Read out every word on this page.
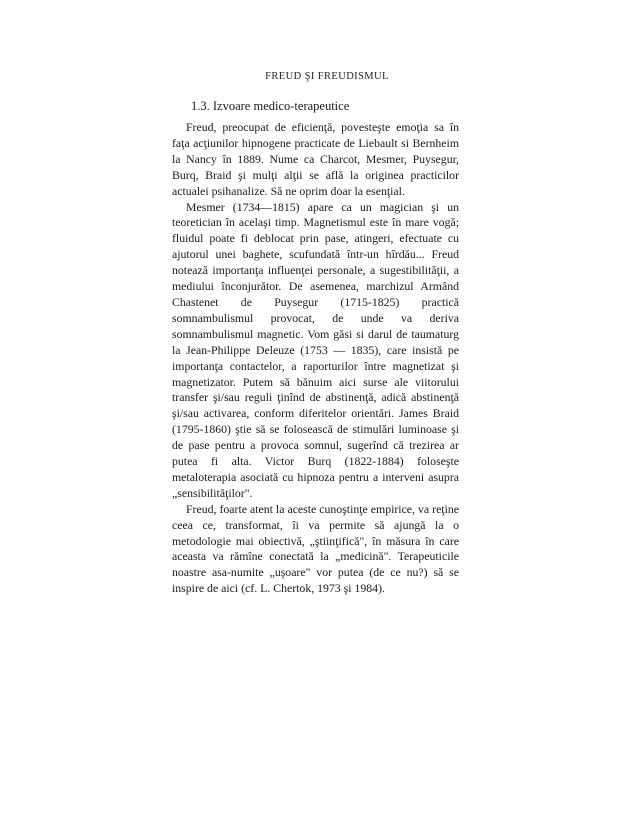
FREUD ŞI FREUDISMUL
1.3. Izvoare medico-terapeutice

Freud, preocupat de eficienţă, povesteşte emoţia sa în faţa acţiunilor hipnogene practicate de Liebault si Bernheim la Nancy în 1889. Nume ca Charcot, Mesmer, Puysegur, Burq, Braid şi mulţi alţii se află la originea practicilor actualei psihanalize. Să ne oprim doar la esenţial.

Mesmer (1734—1815) apare ca un magician şi un teoretician în acelaşi timp. Magnetismul este în mare vogă; fluidul poate fi deblocat prin pase, atingeri, efectuate cu ajutorul unei baghete, scufundată într-un hîrdău... Freud notează importanţa influenţei personale, a sugestibilităţii, a mediului înconjurător. De asemenea, marchizul Armând Chastenet de Puysegur (1715-1825) practică somnambulismul provocat, de unde va deriva somnambulismul magnetic. Vom găsi si darul de taumaturg la Jean-Philippe Deleuze (1753 — 1835), care insistă pe importanţa contactelor, a raporturilor între magnetizat şi magnetizator. Putem să bănuim aici surse ale viitorului transfer şi/sau reguli ţinînd de abstinenţă, adică abstinenţă şi/sau activarea, conform diferitelor orientări. James Braid (1795-1860) ştie să se folosească de stimulări luminoase şi de pase pentru a provoca somnul, sugerînd că trezirea ar putea fi alta. Victor Burq (1822-1884) foloseşte metaloterapia asociată cu hipnoza pentru a interveni asupra „sensibilităţilor".

Freud, foarte atent la aceste cunoştinţe empirice, va reţine ceea ce, transformat, îi va permite să ajungă la o metodologie mai obiectivă, „ştiinţifică", în măsura în care aceasta va rămîne conectată la „medicină". Terapeuticile noastre asa-numite „uşoare" vor putea (de ce nu?) să se inspire de aici (cf. L. Chertok, 1973 şi 1984).
